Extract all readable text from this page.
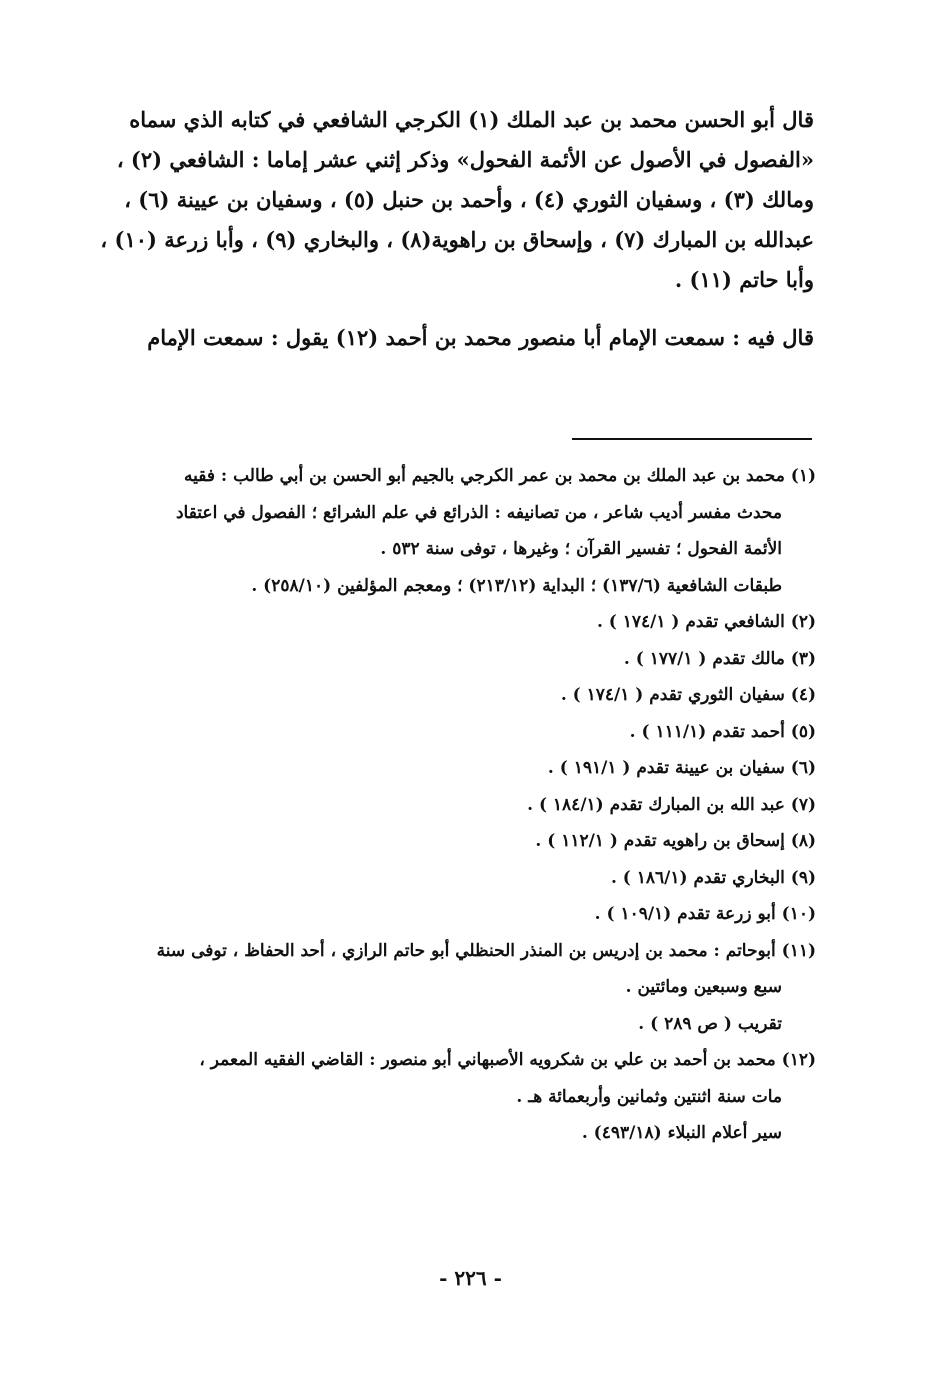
قال أبو الحسن محمد بن عبد الملك (١) الكرجي الشافعي في كتابه الذي سماه
«الفصول في الأصول عن الأئمة الفحول» وذكر إثني عشر إماما : الشافعي (٢) ،
ومالك (٣) ، وسفيان الثوري (٤) ، وأحمد بن حنبل (٥) ، وسفيان بن عيينة (٦) ،
عبدالله بن المبارك (٧) ، وإسحاق بن راهوية(٨) ، والبخاري (٩) ، وأبا زرعة (١٠) ،
وأبا حاتم (١١) .
قال فيه : سمعت الإمام أبا منصور محمد بن أحمد (١٢) يقول : سمعت الإمام
(١) محمد بن عبد الملك بن محمد بن عمر الكرجي بالجيم أبو الحسن بن أبي طالب : فقيه
محدث مفسر أديب شاعر ، من تصانيفه : الذرائع في علم الشرائع ؛ الفصول في اعتقاد
الأئمة الفحول ؛ تفسير القرآن ؛ وغيرها ، توفى سنة ٥٣٢ .
طبقات الشافعية (١٣٧/٦) ؛ البداية (٢١٣/١٢) ؛ ومعجم المؤلفين (٢٥٨/١٠) .
(٢) الشافعي تقدم ( ١٧٤/١ ) .
(٣) مالك تقدم ( ١٧٧/١ ) .
(٤) سفيان الثوري تقدم ( ١٧٤/١ ) .
(٥) أحمد تقدم (١١١/١ ) .
(٦) سفيان بن عيينة تقدم ( ١٩١/١ ) .
(٧) عبد الله بن المبارك تقدم (١٨٤/١ ) .
(٨) إسحاق بن راهويه تقدم ( ١١٢/١ ) .
(٩) البخاري تقدم (١٨٦/١ ) .
(١٠) أبو زرعة تقدم (١٠٩/١ ) .
(١١) أبوحاتم : محمد بن إدريس بن المنذر الحنظلي أبو حاتم الرازي ، أحد الحفاظ ، توفى سنة
سبع وسبعين ومائتين .
تقريب ( ص ٢٨٩ ) .
(١٢) محمد بن أحمد بن علي بن شكرويه الأصبهاني أبو منصور : القاضي الفقيه المعمر ،
مات سنة اثنتين وثمانين وأربعمائة هـ .
سير أعلام النبلاء (٤٩٣/١٨) .
- ٢٢٦ -
